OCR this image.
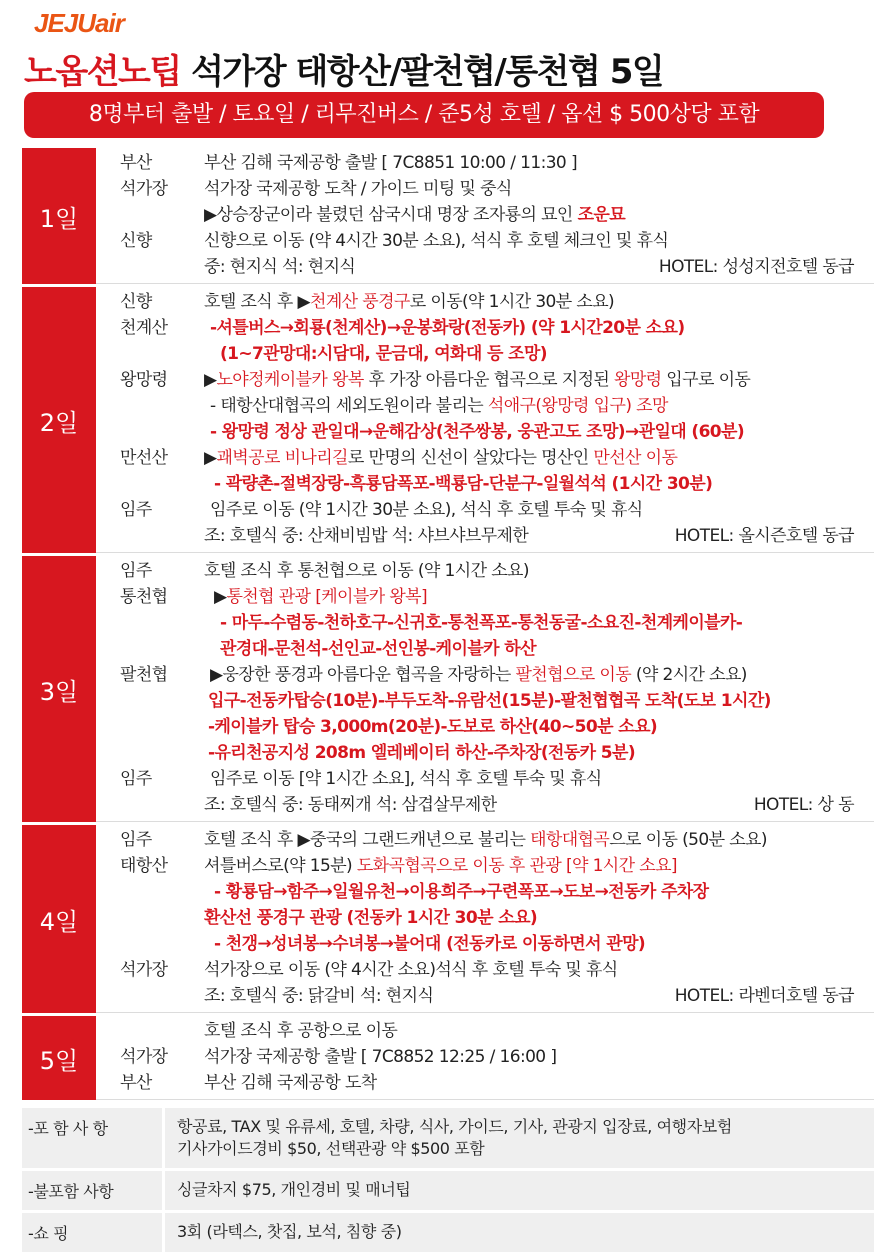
JEJUair
노옵션노팁 석가장 태항산/팔천협/통천협 5일
8명부터 출발 / 토요일 / 리무진버스 / 준5성 호텔 / 옵션 $ 500상당 포함
1일
부산	부산 김해 국제공항 출발 [ 7C8851 10:00 / 11:30 ]
석가장	석가장 국제공항 도착 / 가이드 미팅 및 중식
▶상승장군이라 불렸던 삼국시대 명장 조자룡의 묘인 조운묘
신향	신향으로 이동 (약 4시간 30분 소요), 석식 후 호텔 체크인 및 휴식
중: 현지식 석: 현지식	HOTEL: 성성지전호텔 동급
2일
신향	호텔 조식 후 ▶천계산 풍경구로 이동(약 1시간 30분 소요)
천계산	-셔틀버스→회룡(천계산)→운봉화랑(전동카) (약 1시간20분 소요)
(1~7관망대:시담대, 문금대, 여화대 등 조망)
왕망령	▶노야정케이블카 왕복 후 가장 아름다운 협곡으로 지정된 왕망령 입구로 이동
- 태항산대협곡의 세외도원이라 불리는 석애구(왕망령 입구) 조망
- 왕망령 정상 관일대→운해감상(천주쌍봉, 웅관고도 조망)→관일대 (60분)
만선산	▶괘벽공로 비나리길로 만명의 신선이 살았다는 명산인 만선산 이동
- 곽량촌-절벽장랑-흑룡담폭포-백룡담-단분구-일월석석 (1시간 30분)
임주	임주로 이동 (약 1시간 30분 소요), 석식 후 호텔 투숙 및 휴식
조: 호텔식 중: 산채비빔밥 석: 샤브샤브무제한	HOTEL: 올시즌호텔 동급
3일
임주	호텔 조식 후 통천협으로 이동 (약 1시간 소요)
통천협	▶통천협 관광 [케이블카 왕복]
- 마두-수렴동-천하호구-신귀호-통천폭포-통천동굴-소요진-천계케이블카-
관경대-문천석-선인교-선인봉-케이블카 하산
팔천협	▶웅장한 풍경과 아름다운 협곡을 자랑하는 팔천협으로 이동 (약 2시간 소요)
입구-전동카탑승(10분)-부두도착-유람선(15분)-팔천협협곡 도착(도보 1시간)
-케이블카 탑승 3,000m(20분)-도보로 하산(40~50분 소요)
-유리천공지성 208m 엘레베이터 하산-주차장(전동카 5분)
임주	임주로 이동 [약 1시간 소요], 석식 후 호텔 투숙 및 휴식
조: 호텔식 중: 동태찌개 석: 삼겹살무제한	HOTEL: 상 동
4일
임주	호텔 조식 후 ▶중국의 그랜드캐년으로 불리는 태항대협곡으로 이동 (50분 소요)
태항산	셔틀버스로(약 15분) 도화곡협곡으로 이동 후 관광 [약 1시간 소요]
- 황룡담→함주→일월유천→이용희주→구련폭포→도보→전동카 주차장
환산선 풍경구 관광 (전동카 1시간 30분 소요)
- 천갱→성녀봉→수녀봉→불어대 (전동카로 이동하면서 관망)
석가장	석가장으로 이동 (약 4시간 소요)석식 후 호텔 투숙 및 휴식
조: 호텔식 중: 닭갈비 석: 현지식	HOTEL: 라벤더호텔 동급
5일
호텔 조식 후 공항으로 이동
석가장	석가장 국제공항 출발 [ 7C8852 12:25 / 16:00 ]
부산	부산 김해 국제공항 도착
-포 함 사 항	항공료, TAX 및 유류세, 호텔, 차량, 식사, 가이드, 기사, 관광지 입장료, 여행자보험
기사가이드경비 $50, 선택관광 약 $500 포함
-불포함 사항	싱글차지 $75, 개인경비 및 매너팁
-쇼 핑	3회 (라텍스, 찻집, 보석, 침향 중)
